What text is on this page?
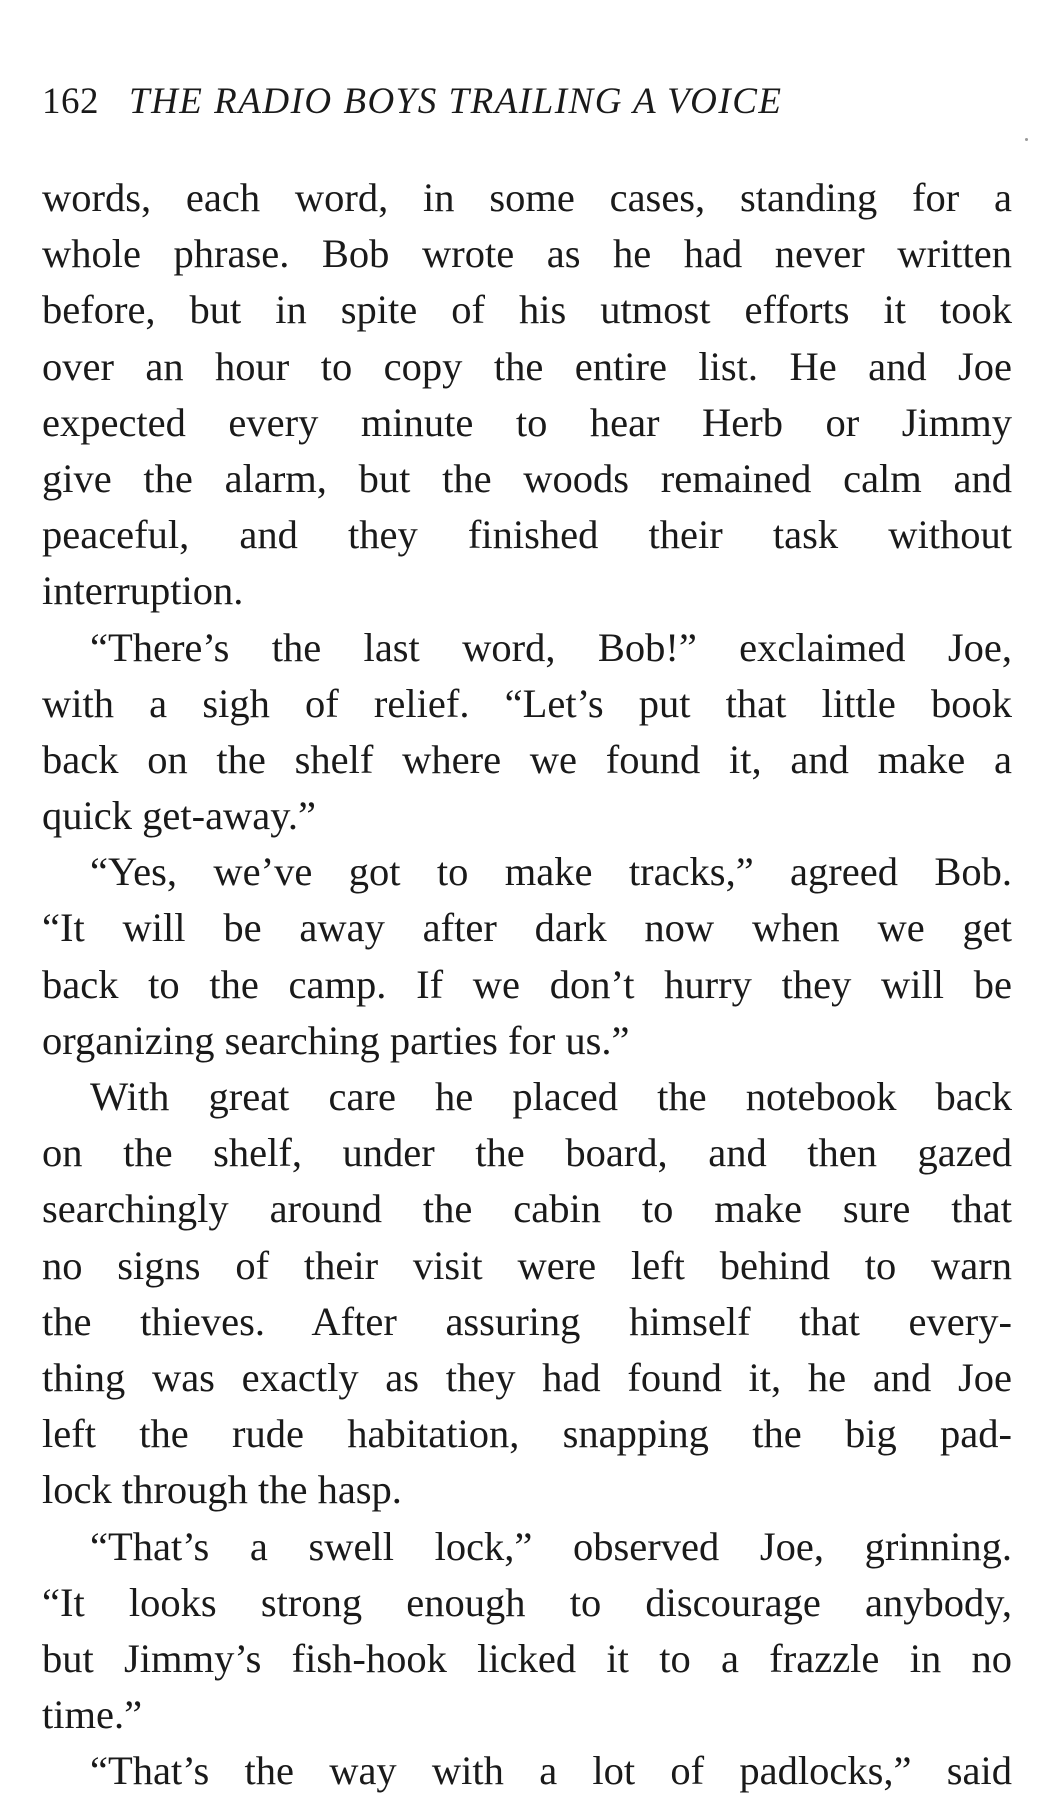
162 THE RADIO BOYS TRAILING A VOICE
words, each word, in some cases, standing for a
whole phrase. Bob wrote as he had never written
before, but in spite of his utmost efforts it took
over an hour to copy the entire list. He and Joe
expected every minute to hear Herb or Jimmy
give the alarm, but the woods remained calm and
peaceful, and they finished their task without
interruption.
“There’s the last word, Bob!” exclaimed Joe,
with a sigh of relief. “Let’s put that little book
back on the shelf where we found it, and make a
quick get-away.”
“Yes, we’ve got to make tracks,” agreed Bob.
“It will be away after dark now when we get
back to the camp. If we don’t hurry they will be
organizing searching parties for us.”
With great care he placed the notebook back
on the shelf, under the board, and then gazed
searchingly around the cabin to make sure that
no signs of their visit were left behind to warn
the thieves. After assuring himself that every-
thing was exactly as they had found it, he and Joe
left the rude habitation, snapping the big pad-
lock through the hasp.
“That’s a swell lock,” observed Joe, grinning.
“It looks strong enough to discourage anybody,
but Jimmy’s fish-hook licked it to a frazzle in no
time.”
“That’s the way with a lot of padlocks,” said
